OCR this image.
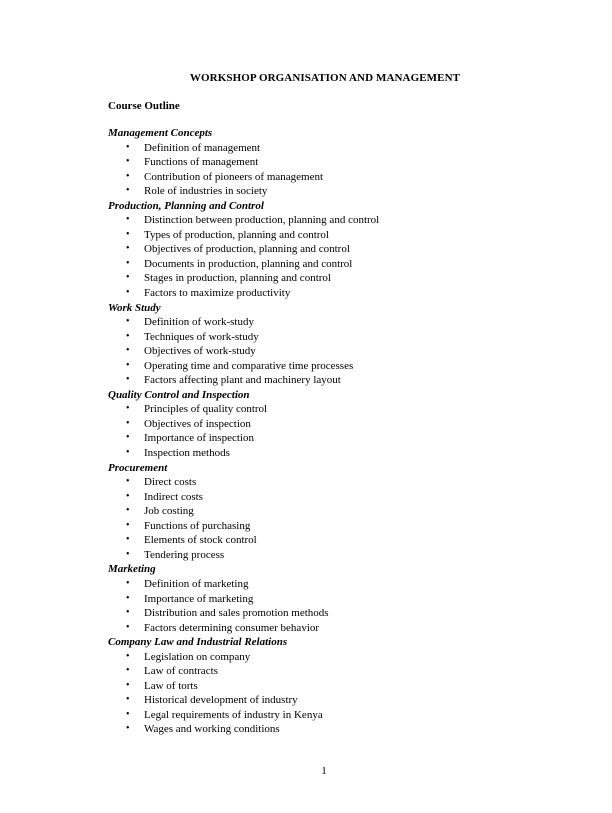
WORKSHOP ORGANISATION AND MANAGEMENT
Course Outline
Management Concepts
• Definition of management
• Functions of management
• Contribution of pioneers of management
• Role of industries in society
Production, Planning and Control
• Distinction between production, planning and control
• Types of production, planning and control
• Objectives of production, planning and control
• Documents in production, planning and control
• Stages in production, planning and control
• Factors to maximize productivity
Work Study
• Definition of work-study
• Techniques of work-study
• Objectives of work-study
• Operating time and comparative time processes
• Factors affecting plant and machinery layout
Quality Control and Inspection
• Principles of quality control
• Objectives of inspection
• Importance of inspection
• Inspection methods
Procurement
• Direct costs
• Indirect costs
• Job costing
• Functions of purchasing
• Elements of stock control
• Tendering process
Marketing
• Definition of marketing
• Importance of marketing
• Distribution and sales promotion methods
• Factors determining consumer behavior
Company Law and Industrial Relations
• Legislation on company
• Law of contracts
• Law of torts
• Historical development of industry
• Legal requirements of industry in Kenya
• Wages and working conditions
1
